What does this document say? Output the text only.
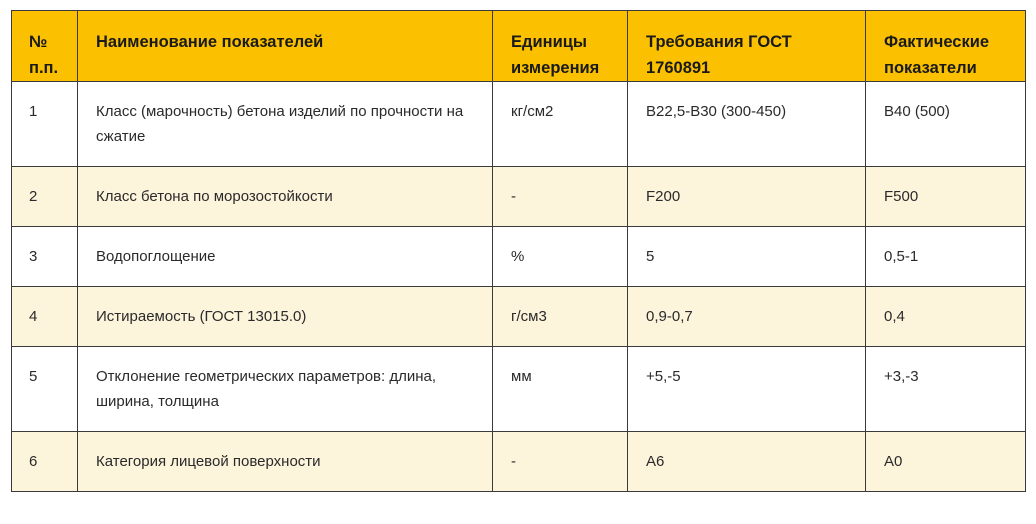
№ п.п.	Наименование показателей	Единицы измерения	Требования ГОСТ 1760891	Фактические показатели
1	Класс (марочность) бетона изделий по прочности на сжатие	кг/см2	В22,5-В30 (300-450)	В40 (500)
2	Класс бетона по морозостойкости	-	F200	F500
3	Водопоглощение	%	5	0,5-1
4	Истираемость (ГОСТ 13015.0)	г/см3	0,9-0,7	0,4
5	Отклонение геометрических параметров: длина, ширина, толщина	мм	+5,-5	+3,-3
6	Категория лицевой поверхности	-	А6	А0
